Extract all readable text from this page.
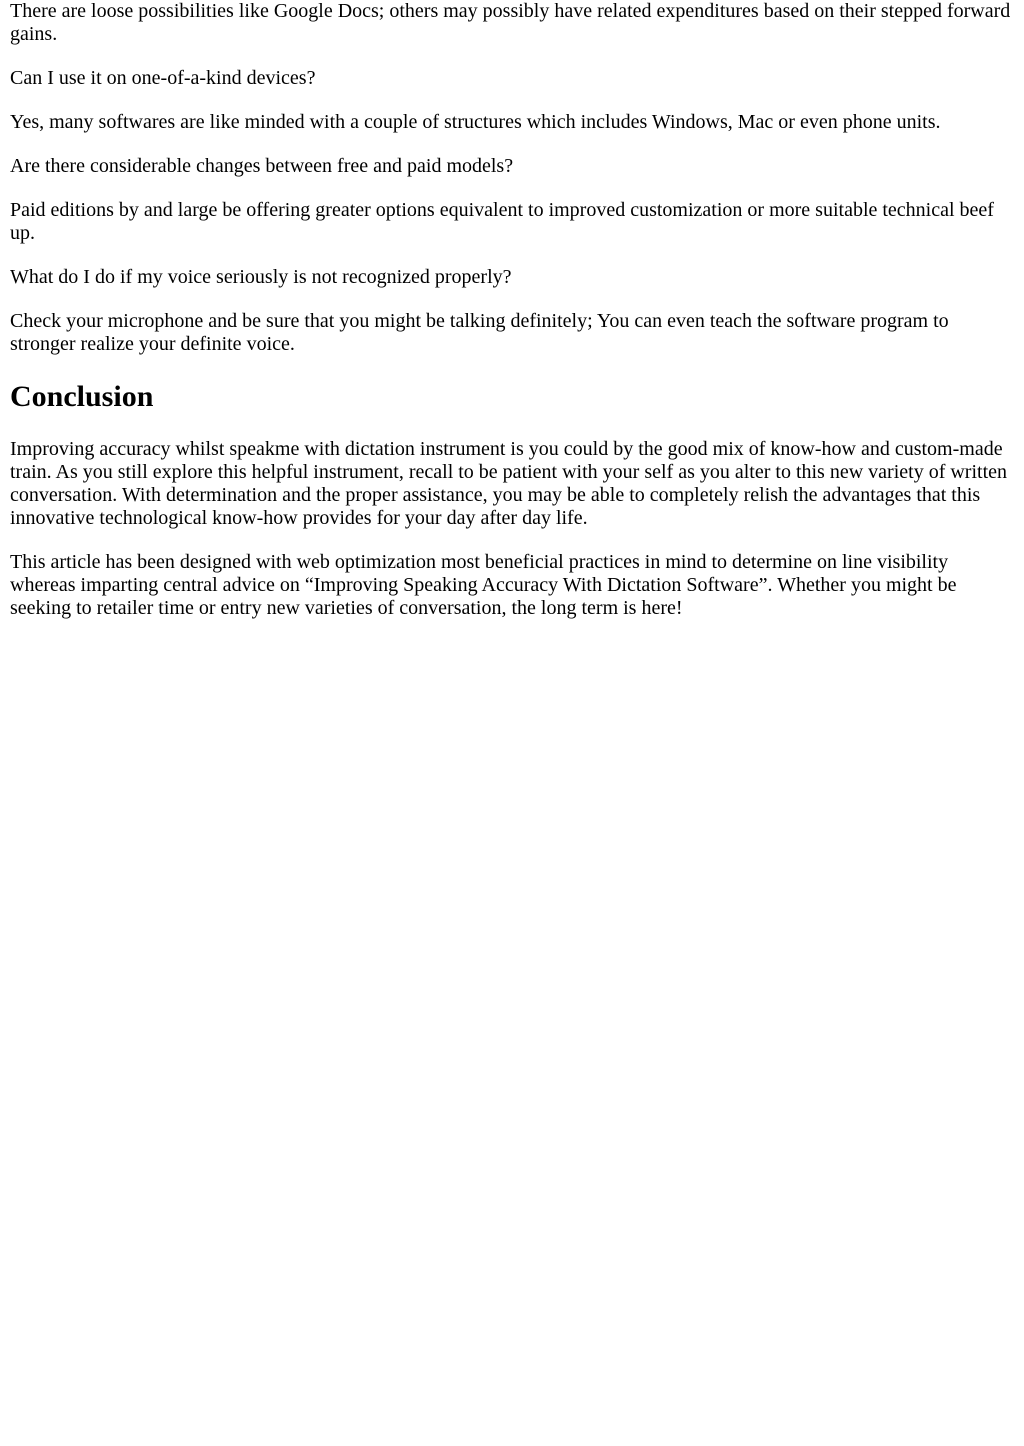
There are loose possibilities like Google Docs; others may possibly have related expenditures based on their stepped forward gains.

Can I use it on one-of-a-kind devices?

Yes, many softwares are like minded with a couple of structures which includes Windows, Mac or even phone units.

Are there considerable changes between free and paid models?

Paid editions by and large be offering greater options equivalent to improved customization or more suitable technical beef up.

What do I do if my voice seriously is not recognized properly?

Check your microphone and be sure that you might be talking definitely; You can even teach the software program to stronger realize your definite voice.

Conclusion

Improving accuracy whilst speakme with dictation instrument is you could by the good mix of know-how and custom-made train. As you still explore this helpful instrument, recall to be patient with your self as you alter to this new variety of written conversation. With determination and the proper assistance, you may be able to completely relish the advantages that this innovative technological know-how provides for your day after day life.

This article has been designed with web optimization most beneficial practices in mind to determine on line visibility whereas imparting central advice on “Improving Speaking Accuracy With Dictation Software”. Whether you might be seeking to retailer time or entry new varieties of conversation, the long term is here!
